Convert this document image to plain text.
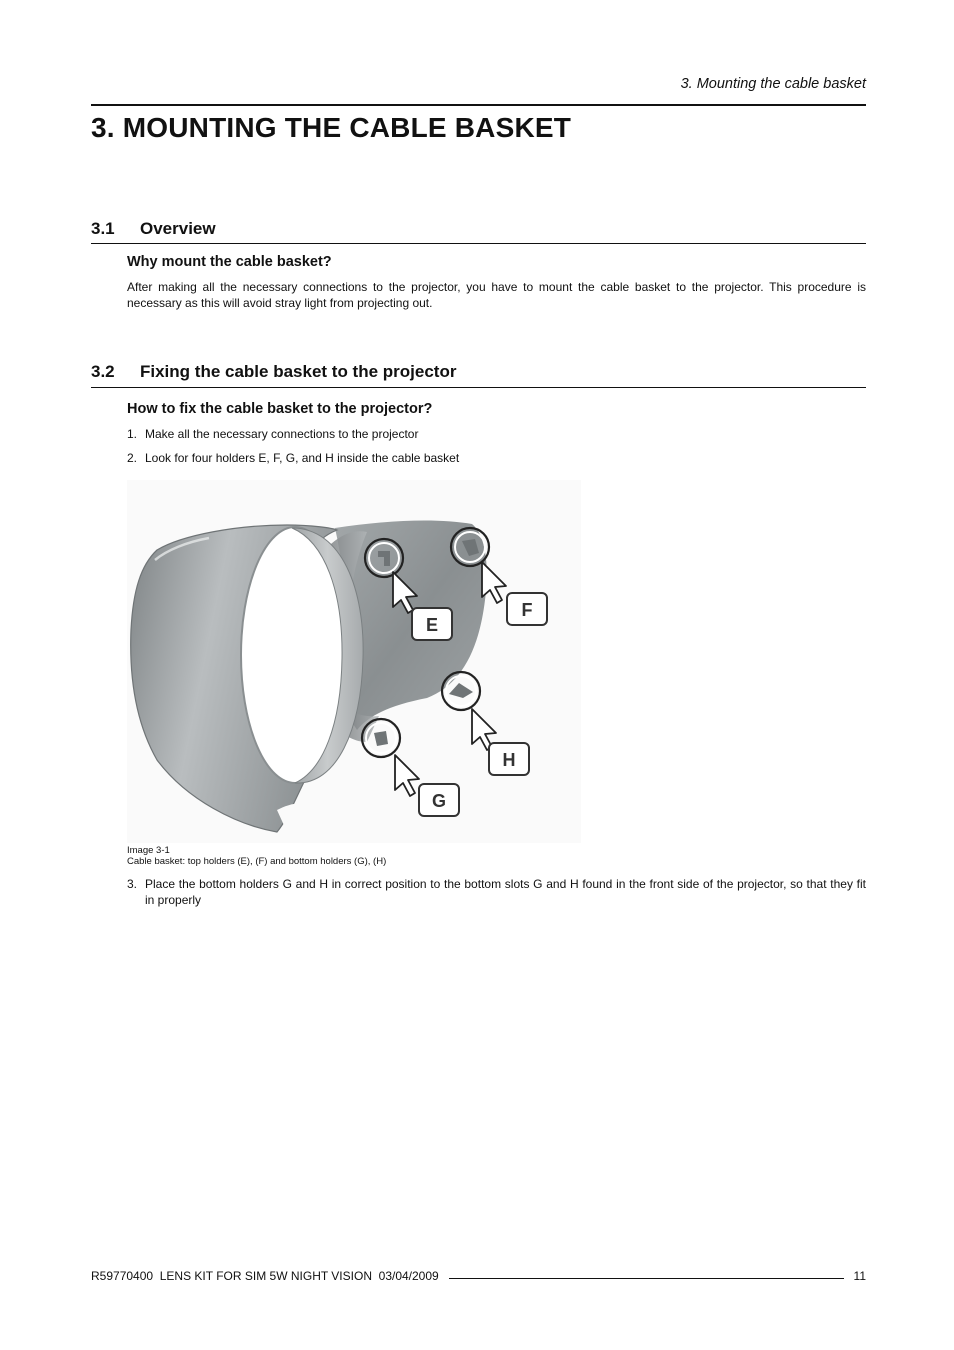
3. Mounting the cable basket
3. MOUNTING THE CABLE BASKET
3.1 Overview
Why mount the cable basket?

After making all the necessary connections to the projector, you have to mount the cable basket to the projector. This procedure is necessary as this will avoid stray light from projecting out.

3.2 Fixing the cable basket to the projector
How to fix the cable basket to the projector?
1. Make all the necessary connections to the projector
2. Look for four holders E, F, G, and H inside the cable basket
E
F
H
G
Image 3-1
Cable basket: top holders (E), (F) and bottom holders (G), (H)
3. Place the bottom holders G and H in correct position to the bottom slots G and H found in the front side of the projector, so that they fit in properly
R59770400  LENS KIT FOR SIM 5W NIGHT VISION  03/04/2009	11
